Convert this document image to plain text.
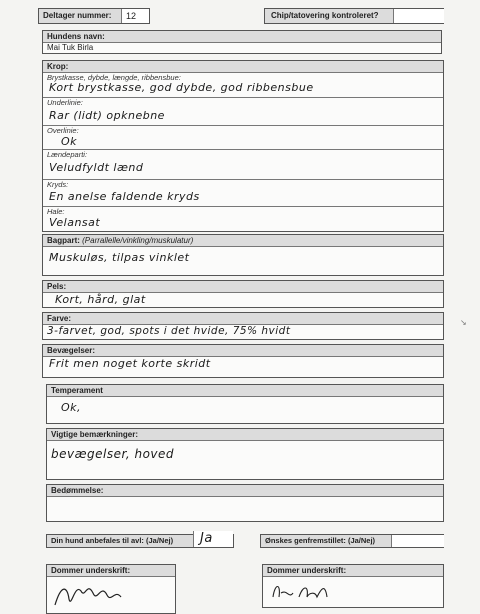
Deltager nummer:	12	Chip/tatovering kontroleret?
Hundens navn:
Mai Tuk Birla
Krop:
Brystkasse, dybde, længde, ribbensbue:
Kort brystkasse, god dybde, god ribbensbue
Underlinie:
Rar (lidt) opknebne
Overlinie:
Ok
Lændeparti:
Veludfyldt lænd
Kryds:
En anelse faldende kryds
Hale:
Velansat
Bagpart: (Parrallelle/vinkling/muskulatur)
Muskuløs, tilpas vinklet
Pels:
Kort, hård, glat
Farve:
3-farvet, god, spots i det hvide, 75% hvidt
Bevægelser:
Frit men noget korte skridt
Temperament
Ok,
Vigtige bemærkninger:
bevægelser, hoved
Bedømmelse:
Din hund anbefales til avl: (Ja/Nej)	Ja	Ønskes genfremstillet: (Ja/Nej)
Dommer underskrift:	Dommer underskrift:
↘
